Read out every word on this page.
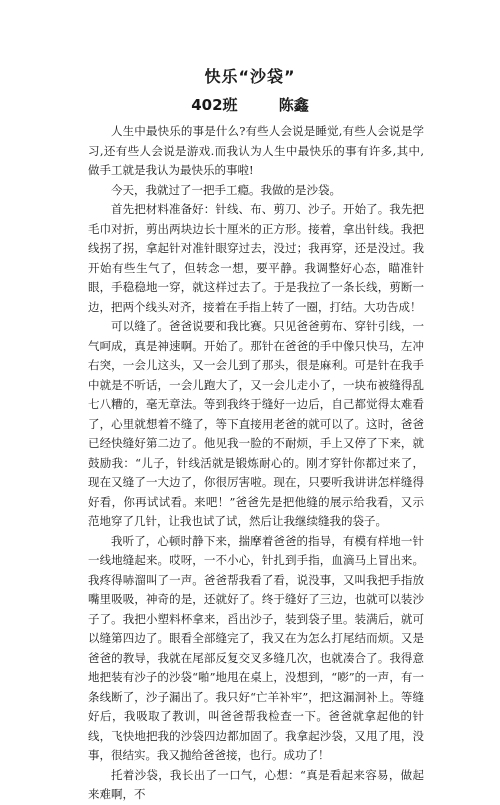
快乐“沙袋”
402班	陈鑫

人生中最快乐的事是什么?有些人会说是睡觉,有些人会说是学习,还有些人会说是游戏.而我认为人生中最快乐的事有许多,其中,做手工就是我认为最快乐的事啦!

今天，我就过了一把手工瘾。我做的是沙袋。

首先把材料准备好：针线、布、剪刀、沙子。开始了。我先把毛巾对折，剪出两块边长十厘米的正方形。接着，拿出针线。我把线拐了拐，拿起针对准针眼穿过去，没过；我再穿，还是没过。我开始有些生气了，但转念一想，要平静。我调整好心态，瞄准针眼，手稳稳地一穿，就这样过去了。于是我拉了一条长线，剪断一边，把两个线头对齐，接着在手指上转了一圈，打结。大功告成！

可以缝了。爸爸说要和我比赛。只见爸爸剪布、穿针引线，一气呵成，真是神速啊。开始了。那针在爸爸的手中像只快马，左冲右突，一会儿这头，又一会儿到了那头，很是麻利。可是针在我手中就是不听话，一会儿跑大了，又一会儿走小了，一块布被缝得乱七八糟的，毫无章法。等到我终于缝好一边后，自己都觉得太难看了，心里就想着不缝了，等下直接用老爸的就可以了。这时，爸爸已经快缝好第二边了。他见我一脸的不耐烦，手上又停了下来，就鼓励我：“儿子，针线活就是锻炼耐心的。刚才穿针你都过来了，现在又缝了一大边了，你很厉害啦。现在，只要听我讲讲怎样缝得好看，你再试试看。来吧！”爸爸先是把他缝的展示给我看，又示范地穿了几针，让我也试了试，然后让我继续缝我的袋子。

我听了，心顿时静下来，揣摩着爸爸的指导，有模有样地一针一线地缝起来。哎呀，一不小心，针扎到手指，血滴马上冒出来。我疼得哧溜叫了一声。爸爸帮我看了看，说没事，又叫我把手指放嘴里吸吸，神奇的是，还就好了。终于缝好了三边，也就可以装沙子了。我把小塑料杯拿来，舀出沙子，装到袋子里。装满后，就可以缝第四边了。眼看全部缝完了，我又在为怎么打尾结而烦。又是爸爸的教导，我就在尾部反复交叉多缝几次，也就凑合了。我得意地把装有沙子的沙袋“啪”地甩在桌上，没想到，“嘭”的一声，有一条线断了，沙子漏出了。我只好“亡羊补牢”，把这漏洞补上。等缝好后，我吸取了教训，叫爸爸帮我检查一下。爸爸就拿起他的针线，飞快地把我的沙袋四边都加固了。我拿起沙袋，又甩了甩，没事，很结实。我又抛给爸爸接，也行。成功了！

托着沙袋，我长出了一口气，心想：“真是看起来容易，做起来难啊，不
